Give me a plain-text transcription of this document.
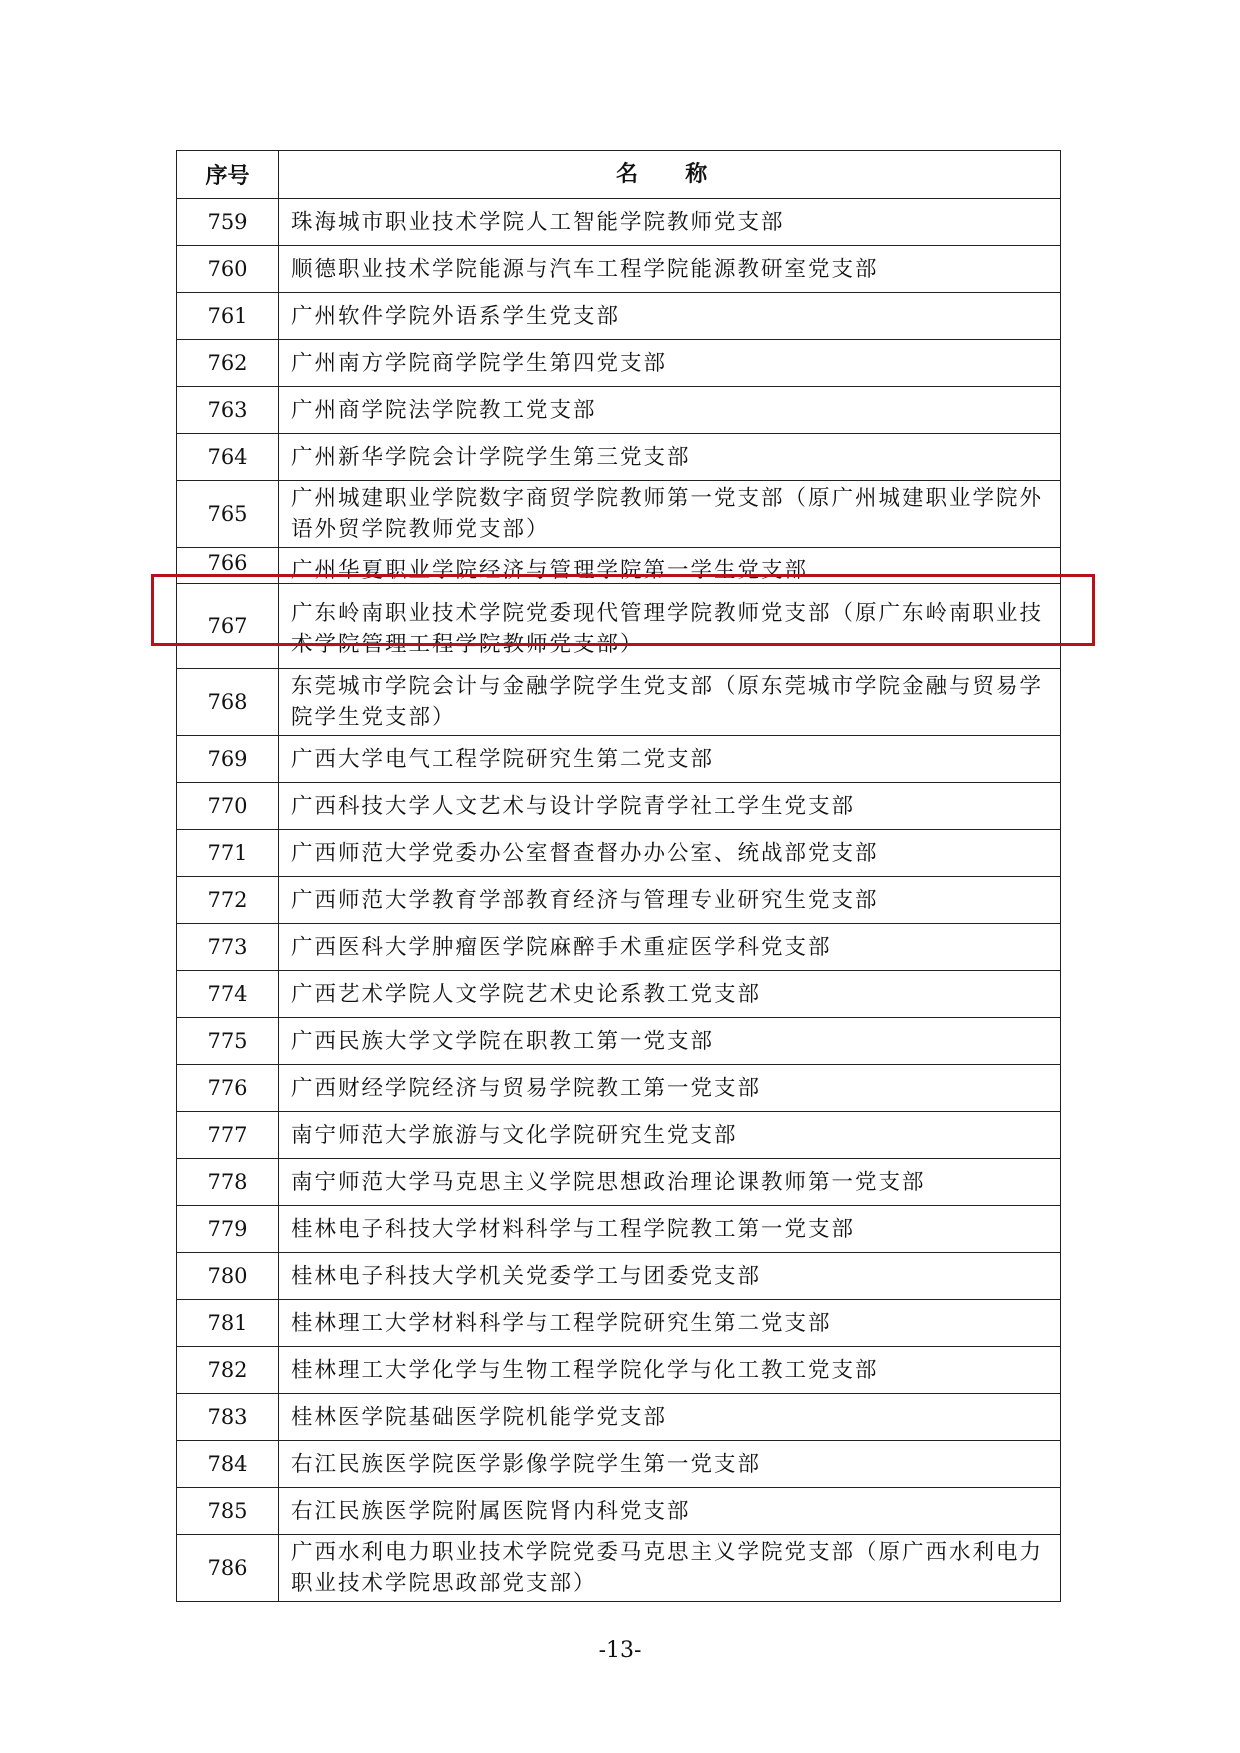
序号	名 称
759	珠海城市职业技术学院人工智能学院教师党支部
760	顺德职业技术学院能源与汽车工程学院能源教研室党支部
761	广州软件学院外语系学生党支部
762	广州南方学院商学院学生第四党支部
763	广州商学院法学院教工党支部
764	广州新华学院会计学院学生第三党支部
765	广州城建职业学院数字商贸学院教师第一党支部（原广州城建职业学院外语外贸学院教师党支部）
766	广州华夏职业学院经济与管理学院第一学生党支部

767	广东岭南职业技术学院党委现代管理学院教师党支部（原广东岭南职业技术学院管理工程学院教师党支部）
768	东莞城市学院会计与金融学院学生党支部（原东莞城市学院金融与贸易学院学生党支部）
769	广西大学电气工程学院研究生第二党支部
770	广西科技大学人文艺术与设计学院青学社工学生党支部
771	广西师范大学党委办公室督查督办办公室、统战部党支部
772	广西师范大学教育学部教育经济与管理专业研究生党支部
773	广西医科大学肿瘤医学院麻醉手术重症医学科党支部
774	广西艺术学院人文学院艺术史论系教工党支部
775	广西民族大学文学院在职教工第一党支部
776	广西财经学院经济与贸易学院教工第一党支部
777	南宁师范大学旅游与文化学院研究生党支部
778	南宁师范大学马克思主义学院思想政治理论课教师第一党支部
779	桂林电子科技大学材料科学与工程学院教工第一党支部
780	桂林电子科技大学机关党委学工与团委党支部
781	桂林理工大学材料科学与工程学院研究生第二党支部
782	桂林理工大学化学与生物工程学院化学与化工教工党支部
783	桂林医学院基础医学院机能学党支部
784	右江民族医学院医学影像学院学生第一党支部
785	右江民族医学院附属医院肾内科党支部
786	广西水利电力职业技术学院党委马克思主义学院党支部（原广西水利电力职业技术学院思政部党支部）
-13-
